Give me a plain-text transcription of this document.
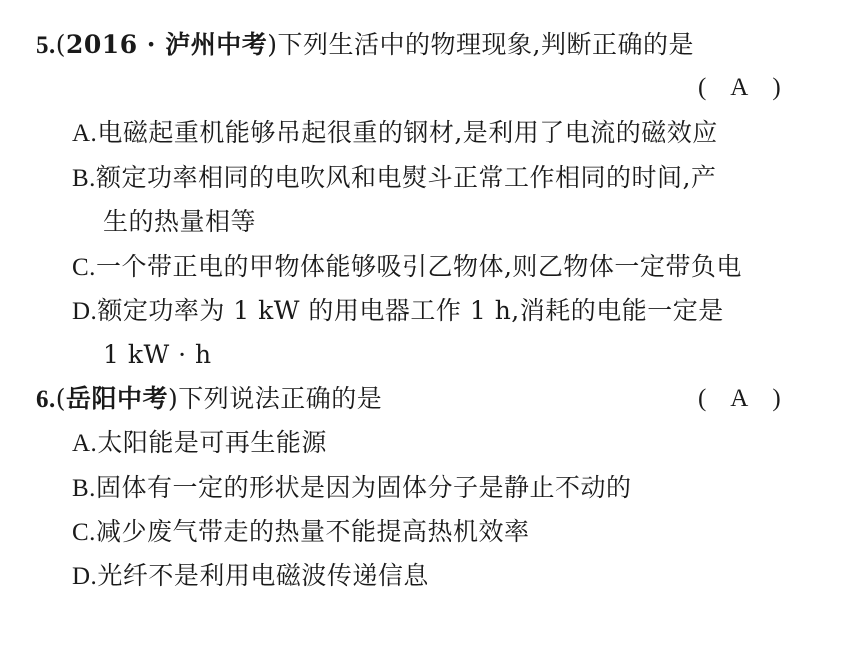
5.(2016 · 泸州中考)下列生活中的物理现象,判断正确的是
( A )
A.电磁起重机能够吊起很重的钢材,是利用了电流的磁效应
B.额定功率相同的电吹风和电熨斗正常工作相同的时间,产
生的热量相等
C.一个带正电的甲物体能够吸引乙物体,则乙物体一定带负电
D.额定功率为 1 kW 的用电器工作 1 h,消耗的电能一定是
1 kW · h
6.(岳阳中考)下列说法正确的是	( A )
A.太阳能是可再生能源
B.固体有一定的形状是因为固体分子是静止不动的
C.减少废气带走的热量不能提高热机效率
D.光纤不是利用电磁波传递信息
